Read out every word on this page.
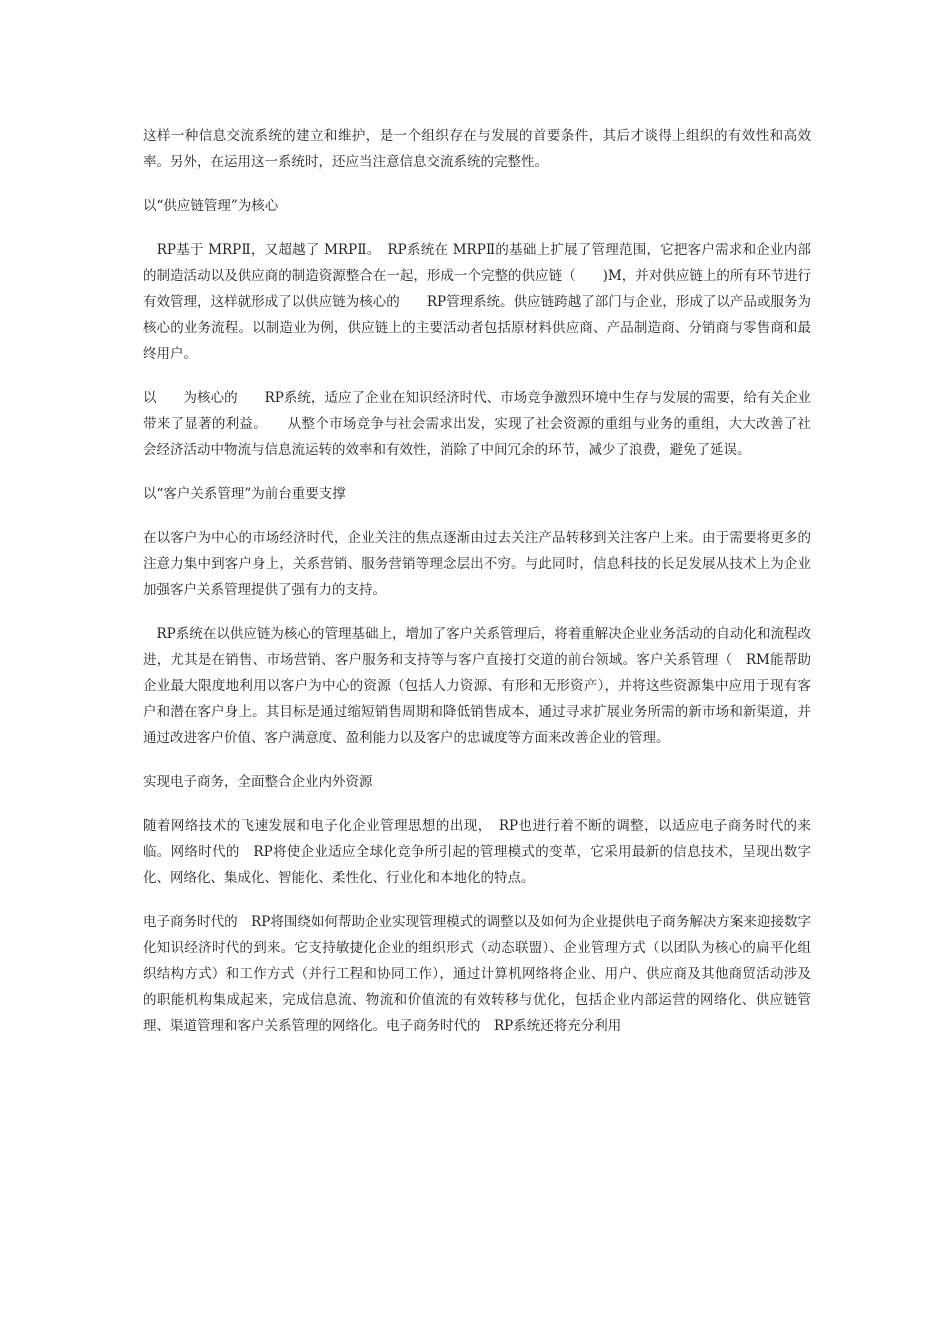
这样一种信息交流系统的建立和维护，是一个组织存在与发展的首要条件，其后才谈得上组织的有效性和高效率。另外，在运用这一系统时，还应当注意信息交流系统的完整性。

以“供应链管理”为核心

　RP基于 MRPⅡ，又超越了 MRPⅡ。　RP系统在 MRPⅡ的基础上扩展了管理范围，它把客户需求和企业内部的制造活动以及供应商的制造资源整合在一起，形成一个完整的供应链（　　)M，并对供应链上的所有环节进行有效管理，这样就形成了以供应链为核心的　　RP管理系统。供应链跨越了部门与企业，形成了以产品或服务为核心的业务流程。以制造业为例，供应链上的主要活动者包括原材料供应商、产品制造商、分销商与零售商和最终用户。

以　　为核心的　　RP系统，适应了企业在知识经济时代、市场竞争激烈环境中生存与发展的需要，给有关企业带来了显著的利益。　　从整个市场竞争与社会需求出发，实现了社会资源的重组与业务的重组，大大改善了社会经济活动中物流与信息流运转的效率和有效性，消除了中间冗余的环节，减少了浪费，避免了延误。

以“客户关系管理”为前台重要支撑

在以客户为中心的市场经济时代，企业关注的焦点逐渐由过去关注产品转移到关注客户上来。由于需要将更多的注意力集中到客户身上，关系营销、服务营销等理念层出不穷。与此同时，信息科技的长足发展从技术上为企业加强客户关系管理提供了强有力的支持。

　RP系统在以供应链为核心的管理基础上，增加了客户关系管理后，将着重解决企业业务活动的自动化和流程改进，尤其是在销售、市场营销、客户服务和支持等与客户直接打交道的前台领域。客户关系管理（　RM能帮助企业最大限度地利用以客户为中心的资源（包括人力资源、有形和无形资产），并将这些资源集中应用于现有客户和潜在客户身上。其目标是通过缩短销售周期和降低销售成本，通过寻求扩展业务所需的新市场和新渠道，并通过改进客户价值、客户满意度、盈利能力以及客户的忠诚度等方面来改善企业的管理。

实现电子商务，全面整合企业内外资源

随着网络技术的飞速发展和电子化企业管理思想的出现，　RP也进行着不断的调整，以适应电子商务时代的来临。网络时代的　RP将使企业适应全球化竞争所引起的管理模式的变革，它采用最新的信息技术，呈现出数字化、网络化、集成化、智能化、柔性化、行业化和本地化的特点。

电子商务时代的　RP将围绕如何帮助企业实现管理模式的调整以及如何为企业提供电子商务解决方案来迎接数字化知识经济时代的到来。它支持敏捷化企业的组织形式（动态联盟）、企业管理方式（以团队为核心的扁平化组织结构方式）和工作方式（并行工程和协同工作），通过计算机网络将企业、用户、供应商及其他商贸活动涉及的职能机构集成起来，完成信息流、物流和价值流的有效转移与优化，包括企业内部运营的网络化、供应链管理、渠道管理和客户关系管理的网络化。电子商务时代的　RP系统还将充分利用
